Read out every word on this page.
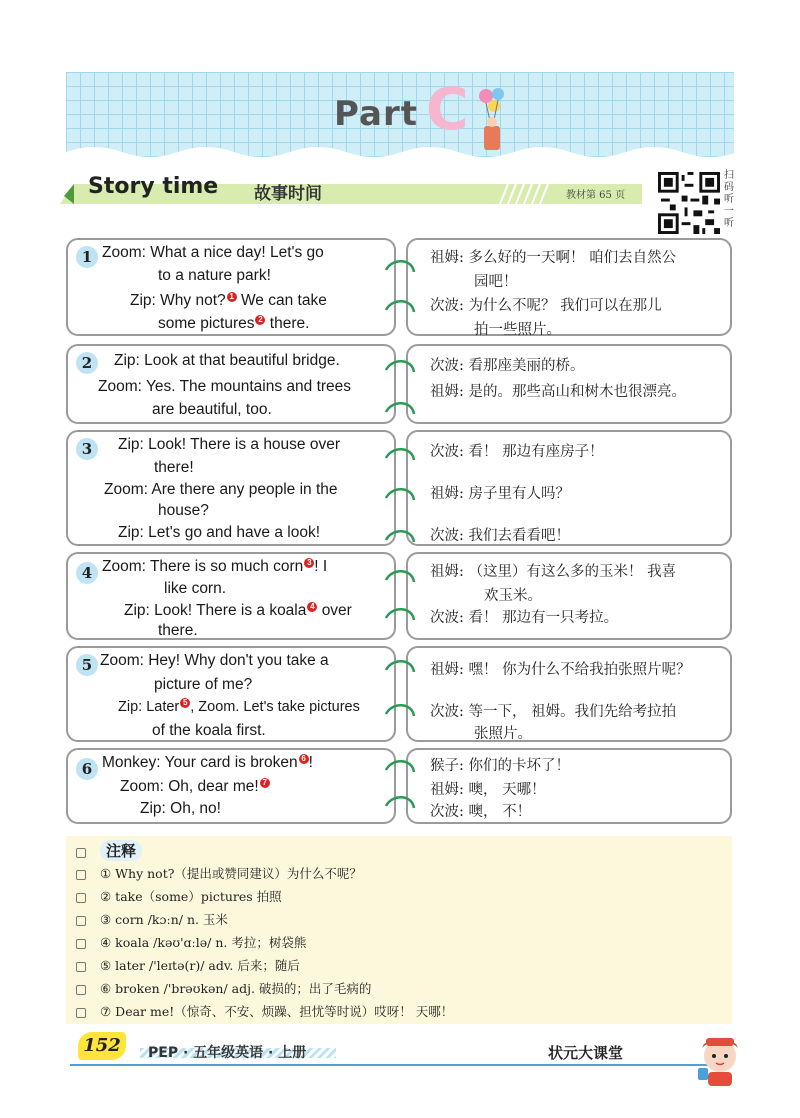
Part C
Story time 故事时间	教材第 65 页
扫码听一听
1 Zoom: What a nice day! Let's go
to a nature park!
Zip: Why not? 1 We can take
some pictures 2 there.
祖姆: 多么好的一天啊！ 咱们去自然公
园吧！
次波: 为什么不呢？ 我们可以在那儿
拍一些照片。
2	Zip: Look at that beautiful bridge.
Zoom: Yes. The mountains and trees
are beautiful, too.
次波: 看那座美丽的桥。
祖姆: 是的。那些高山和树木也很漂亮。
3	Zip: Look! There is a house over
there!
Zoom: Are there any people in the
house?
Zip: Let's go and have a look!
次波: 看！ 那边有座房子！
祖姆: 房子里有人吗？
次波: 我们去看看吧！
4 Zoom: There is so much corn 3 ! I
like corn.
Zip: Look! There is a koala 4 over
there.
祖姆: （这里）有这么多的玉米！ 我喜
欢玉米。
次波: 看！ 那边有一只考拉。
5 Zoom: Hey! Why don't you take a
picture of me?
Zip: Later 5 , Zoom. Let's take pictures
of the koala first.
祖姆: 嘿！ 你为什么不给我拍张照片呢？
次波: 等一下， 祖姆。我们先给考拉拍
张照片。
6 Monkey: Your card is broken 6 !
Zoom: Oh, dear me! 7
Zip: Oh, no!
猴子: 你们的卡坏了！
祖姆: 噢， 天哪！
次波: 噢， 不！
注释
① Why not?（提出或赞同建议）为什么不呢？
② take（some）pictures 拍照
③ corn /kɔːn/ n. 玉米
④ koala /kəʊ'ɑːlə/ n. 考拉；树袋熊
⑤ later /'leɪtə(r)/ adv. 后来；随后
⑥ broken /'brəʊkən/ adj. 破损的；出了毛病的
⑦ Dear me!（惊奇、不安、烦躁、担忧等时说）哎呀！ 天哪！
152	PEP · 五年级英语 · 上册	状元大课堂
